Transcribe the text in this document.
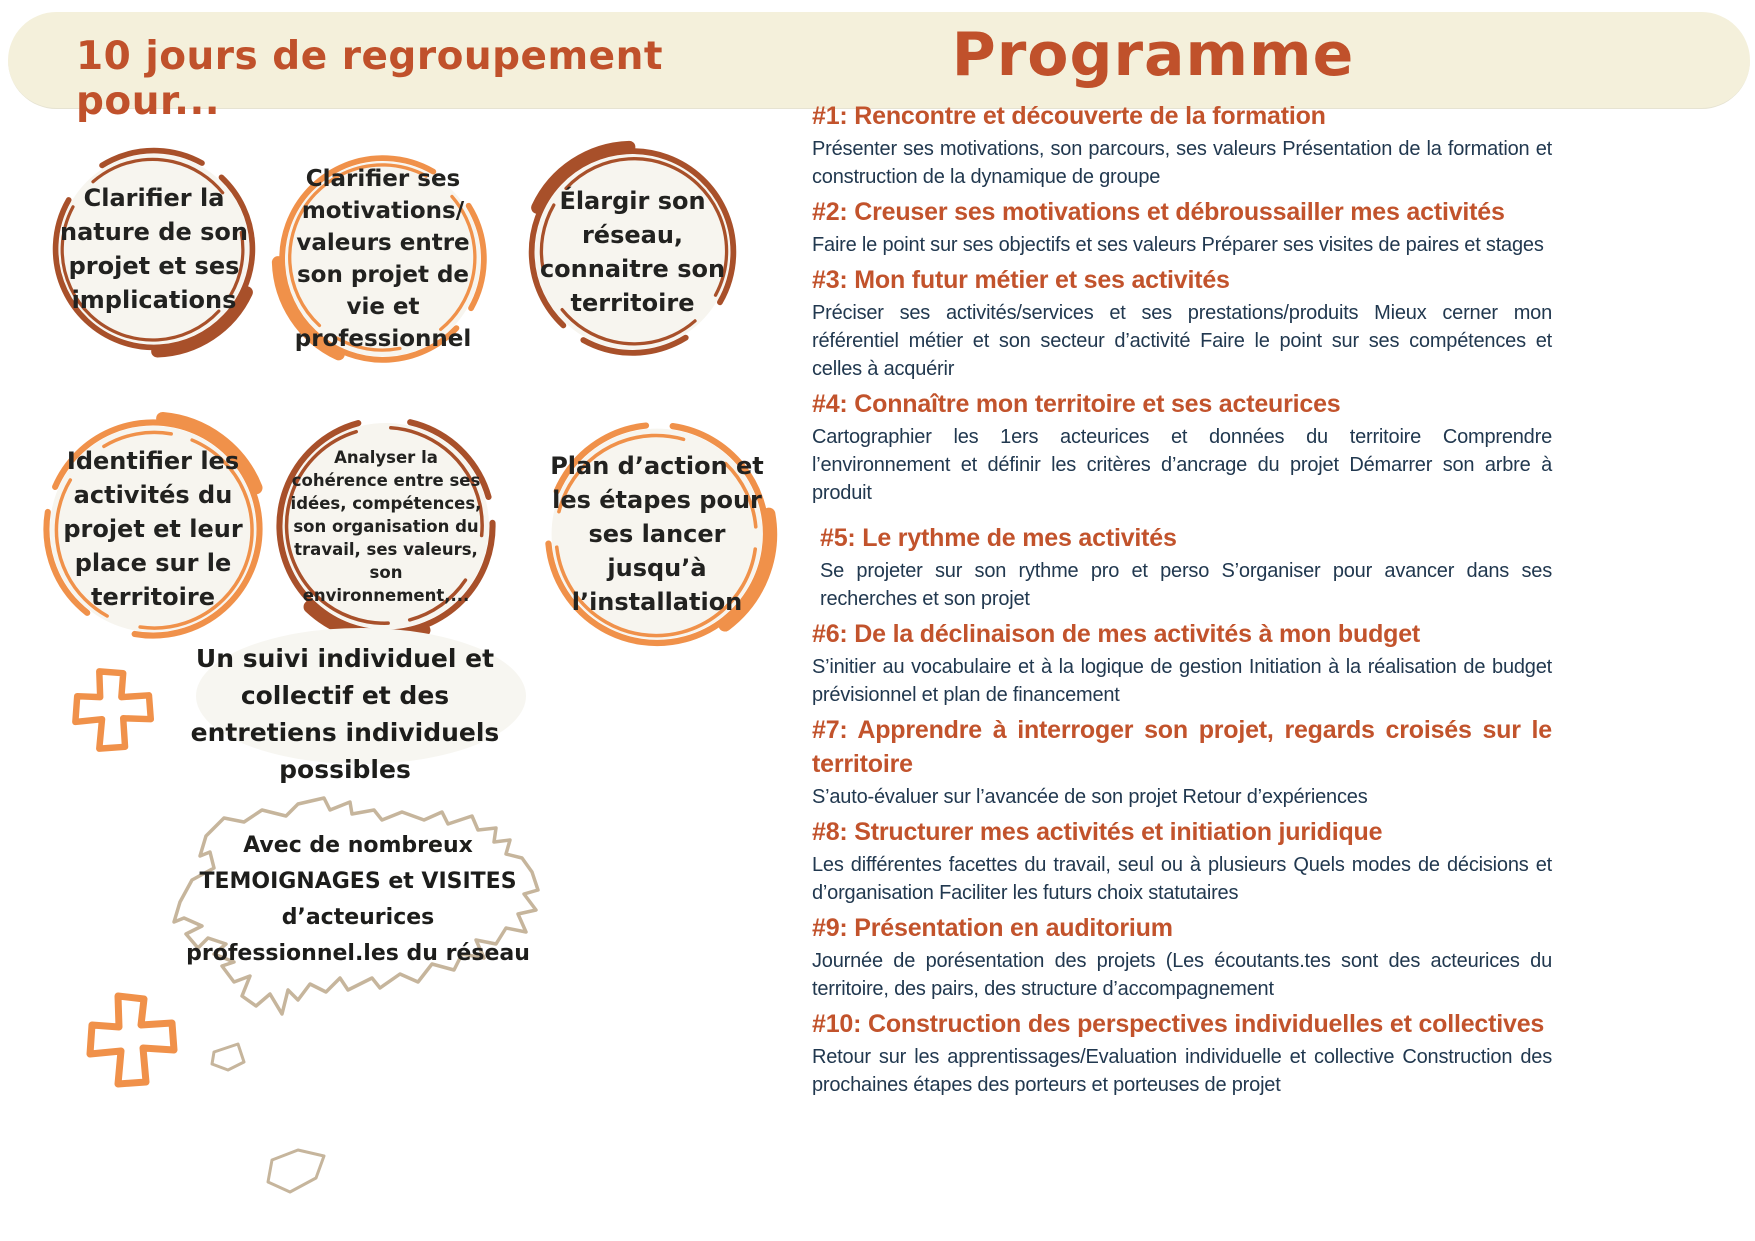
10 jours de regroupement pour...
Programme
Clarifier la nature de son projet et ses implications
Clarifier ses motivations/ valeurs entre son projet de vie et professionnel
Élargir son réseau, connaitre son territoire
Identifier les activités du projet et leur place sur le territoire
Analyser la cohérence entre ses idées, compétences, son organisation du travail, ses valeurs, son environnement,...
Plan d’action et les étapes pour ses lancer jusqu’à l’installation
Un suivi individuel et collectif et des entretiens individuels possibles
Avec de nombreux TEMOIGNAGES et VISITES d’acteurices professionnel.les du réseau

#1: Rencontre et découverte de la formation

Présenter ses motivations, son parcours, ses valeurs Présentation de la formation et construction de la dynamique de groupe

#2: Creuser ses motivations et débroussailler mes activités

Faire le point sur ses objectifs et ses valeurs Préparer ses visites de paires et stages

#3: Mon futur métier et ses activités

Préciser ses activités/services et ses prestations/produits Mieux cerner mon référentiel métier et son secteur d’activité Faire le point sur ses compétences et celles à acquérir

#4: Connaître mon territoire et ses acteurices

Cartographier les 1ers acteurices et données du territoire Comprendre l’environnement et définir les critères d’ancrage du projet Démarrer son arbre à produit

#5: Le rythme de mes activités

Se projeter sur son rythme pro et perso S’organiser pour avancer dans ses recherches et son projet

#6: De la déclinaison de mes activités à mon budget

S’initier au vocabulaire et à la logique de gestion Initiation à la réalisation de budget prévisionnel et plan de financement

#7: Apprendre à interroger son projet, regards croisés sur le territoire

S’auto-évaluer sur l’avancée de son projet Retour d’expériences

#8: Structurer mes activités et initiation juridique

Les différentes facettes du travail, seul ou à plusieurs Quels modes de décisions et d’organisation Faciliter les futurs choix statutaires

#9: Présentation en auditorium

Journée de porésentation des projets (Les écoutants.tes sont des acteurices du territoire, des pairs, des structure d’accompagnement

#10: Construction des perspectives individuelles et collectives

Retour sur les apprentissages/Evaluation individuelle et collective Construction des prochaines étapes des porteurs et porteuses de projet
